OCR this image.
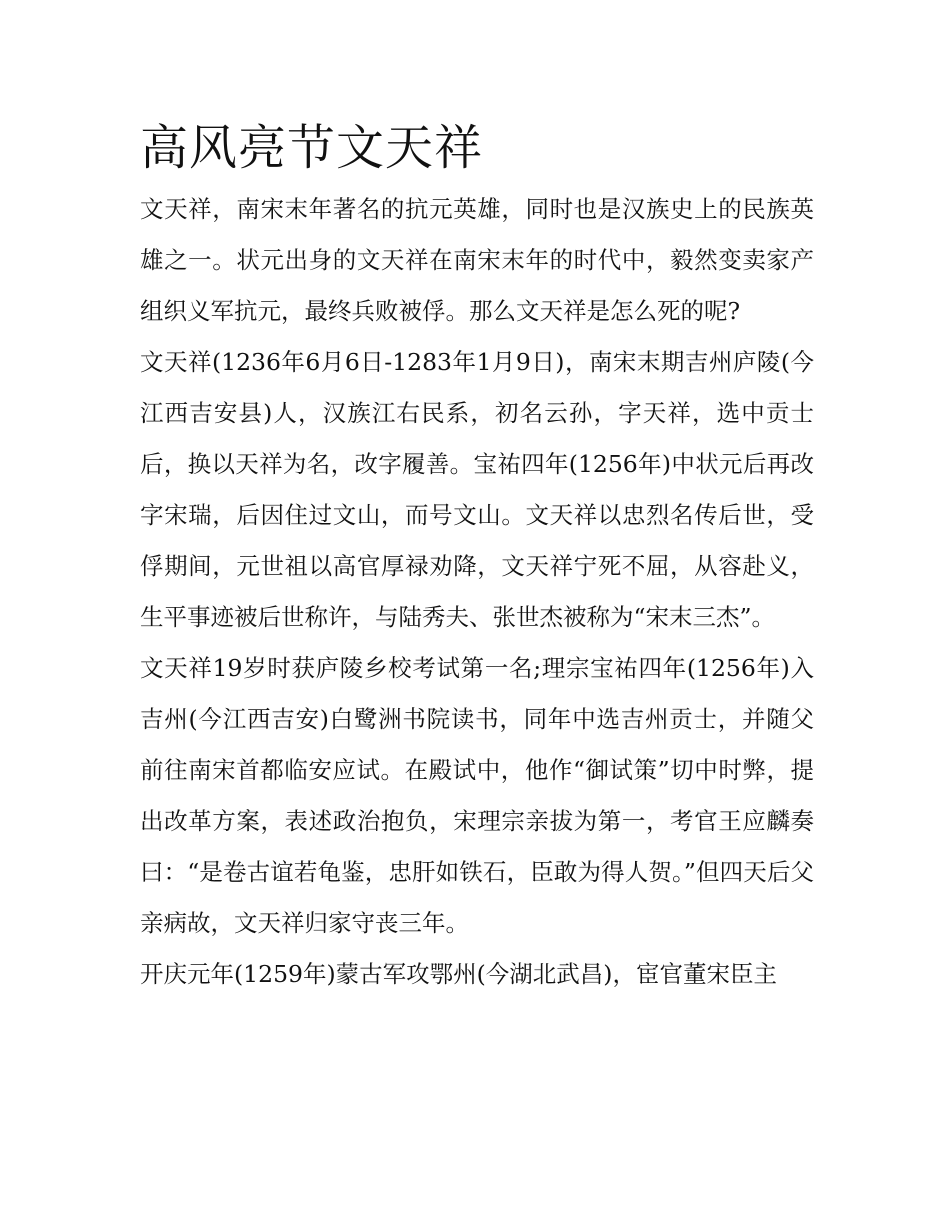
高风亮节文天祥

文天祥，南宋末年著名的抗元英雄，同时也是汉族史上的民族英雄之一。状元出身的文天祥在南宋末年的时代中，毅然变卖家产组织义军抗元，最终兵败被俘。那么文天祥是怎么死的呢?

文天祥(1236年6月6日-1283年1月9日)，南宋末期吉州庐陵(今江西吉安县)人，汉族江右民系，初名云孙，字天祥，选中贡士后，换以天祥为名，改字履善。宝祐四年(1256年)中状元后再改字宋瑞，后因住过文山，而号文山。文天祥以忠烈名传后世，受俘期间，元世祖以高官厚禄劝降，文天祥宁死不屈，从容赴义，生平事迹被后世称许，与陆秀夫、张世杰被称为“宋末三杰”。

文天祥19岁时获庐陵乡校考试第一名;理宗宝祐四年(1256年)入吉州(今江西吉安)白鹭洲书院读书，同年中选吉州贡士，并随父前往南宋首都临安应试。在殿试中，他作“御试策”切中时弊，提出改革方案，表述政治抱负，宋理宗亲拔为第一，考官王应麟奏曰：“是卷古谊若龟鉴，忠肝如铁石，臣敢为得人贺。”但四天后父亲病故，文天祥归家守丧三年。

开庆元年(1259年)蒙古军攻鄂州(今湖北武昌)，宦官董宋臣主
